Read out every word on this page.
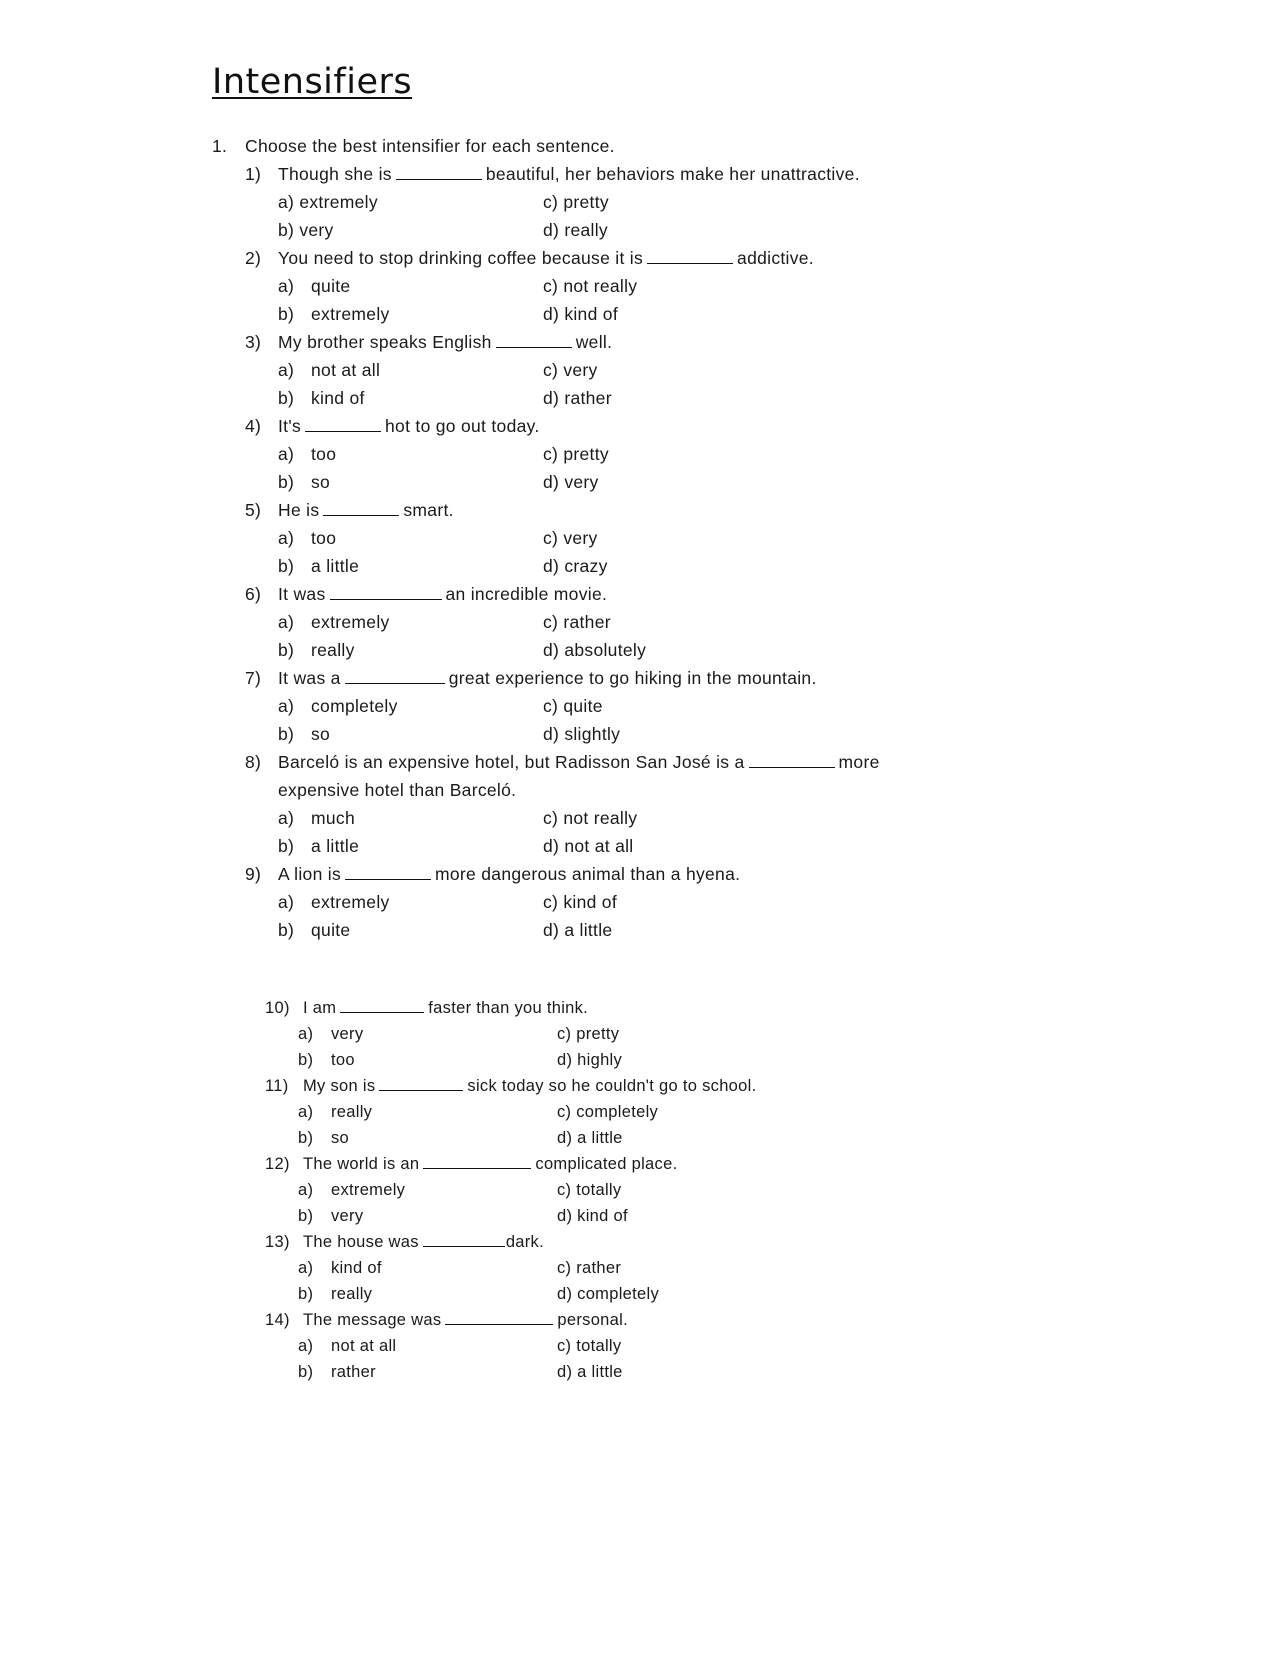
Intensifiers
1. Choose the best intensifier for each sentence.
1) Though she is	beautiful, her behaviors make her unattractive.
a) extremely	c) pretty
b) very	d) really
2) You need to stop drinking coffee because it is	addictive.
a) quite	c) not really
b) extremely	d) kind of
3) My brother speaks English	well.
a) not at all	c) very
b) kind of	d) rather
4) It's	hot to go out today.
a) too	c) pretty
b) so	d) very
5) He is	smart.
a) too	c) very
b) a little	d) crazy
6) It was	an incredible movie.
a) extremely	c) rather
b) really	d) absolutely
7) It was a	great experience to go hiking in the mountain.
a) completely	c) quite
b) so	d) slightly
8) Barceló is an expensive hotel, but Radisson San José is a	more
expensive hotel than Barceló.
a) much	c) not really
b) a little	d) not at all
9) A lion is	more dangerous animal than a hyena.
a) extremely	c) kind of
b) quite	d) a little
10) I am	faster than you think.
a) very	c) pretty
b) too	d) highly
11) My son is	sick today so he couldn't go to school.
a) really	c) completely
b) so	d) a little
12) The world is an	complicated place.
a) extremely	c) totally
b) very	d) kind of
13) The house was	dark.
a) kind of	c) rather
b) really	d) completely
14) The message was	personal.
a) not at all	c) totally
b) rather	d) a little
